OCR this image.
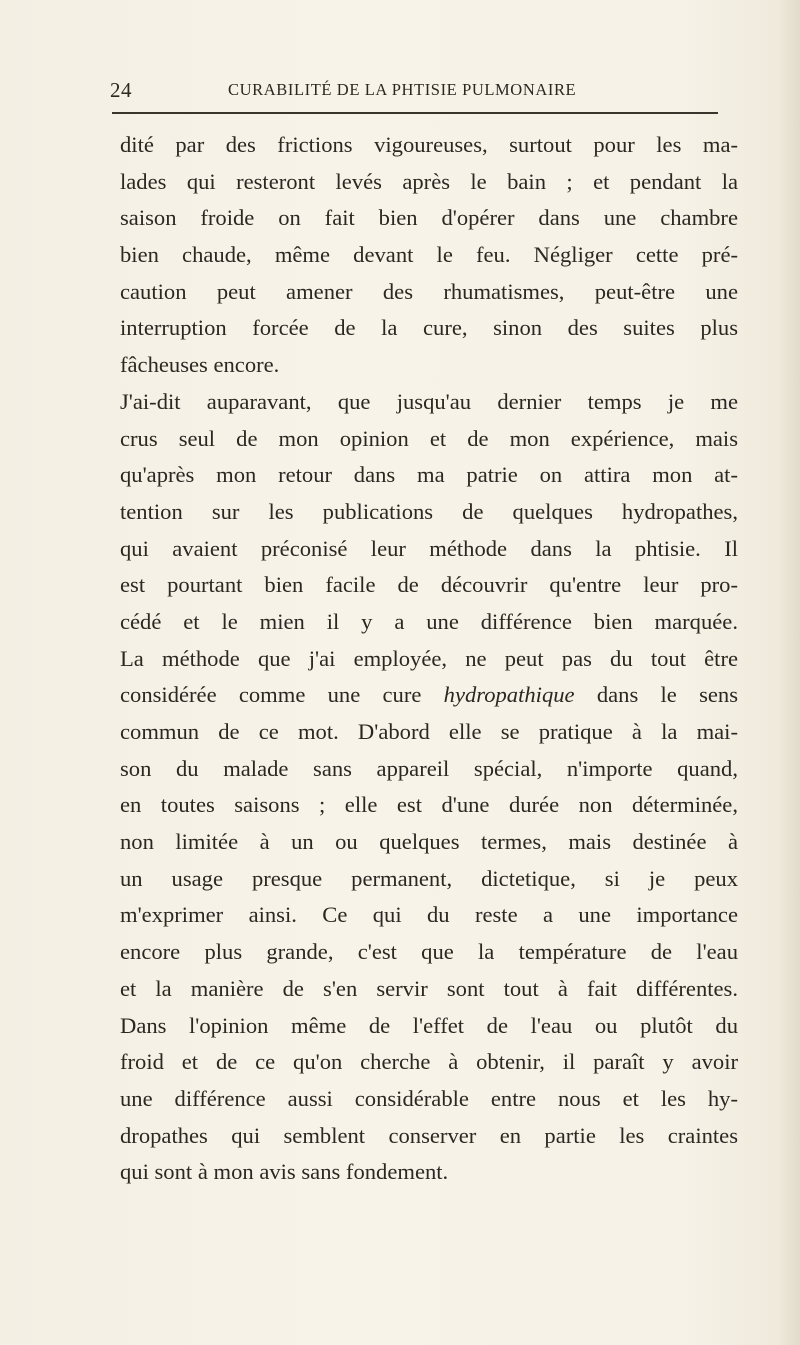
24	CURABILITÉ DE LA PHTISIE PULMONAIRE
dité par des frictions vigoureuses, surtout pour les ma-
lades qui resteront levés après le bain ; et pendant la
saison froide on fait bien d'opérer dans une chambre
bien chaude, même devant le feu. Négliger cette pré-
caution peut amener des rhumatismes, peut-être une
interruption forcée de la cure, sinon des suites plus
fâcheuses encore.
J'ai-dit auparavant, que jusqu'au dernier temps je me
crus seul de mon opinion et de mon expérience, mais
qu'après mon retour dans ma patrie on attira mon at-
tention sur les publications de quelques hydropathes,
qui avaient préconisé leur méthode dans la phtisie. Il
est pourtant bien facile de découvrir qu'entre leur pro-
cédé et le mien il y a une différence bien marquée.
La méthode que j'ai employée, ne peut pas du tout être
considérée comme une cure hydropathique dans le sens
commun de ce mot. D'abord elle se pratique à la mai-
son du malade sans appareil spécial, n'importe quand,
en toutes saisons ; elle est d'une durée non déterminée,
non limitée à un ou quelques termes, mais destinée à
un usage presque permanent, dictetique, si je peux
m'exprimer ainsi. Ce qui du reste a une importance
encore plus grande, c'est que la température de l'eau
et la manière de s'en servir sont tout à fait différentes.
Dans l'opinion même de l'effet de l'eau ou plutôt du
froid et de ce qu'on cherche à obtenir, il paraît y avoir
une différence aussi considérable entre nous et les hy-
dropathes qui semblent conserver en partie les craintes
qui sont à mon avis sans fondement.
